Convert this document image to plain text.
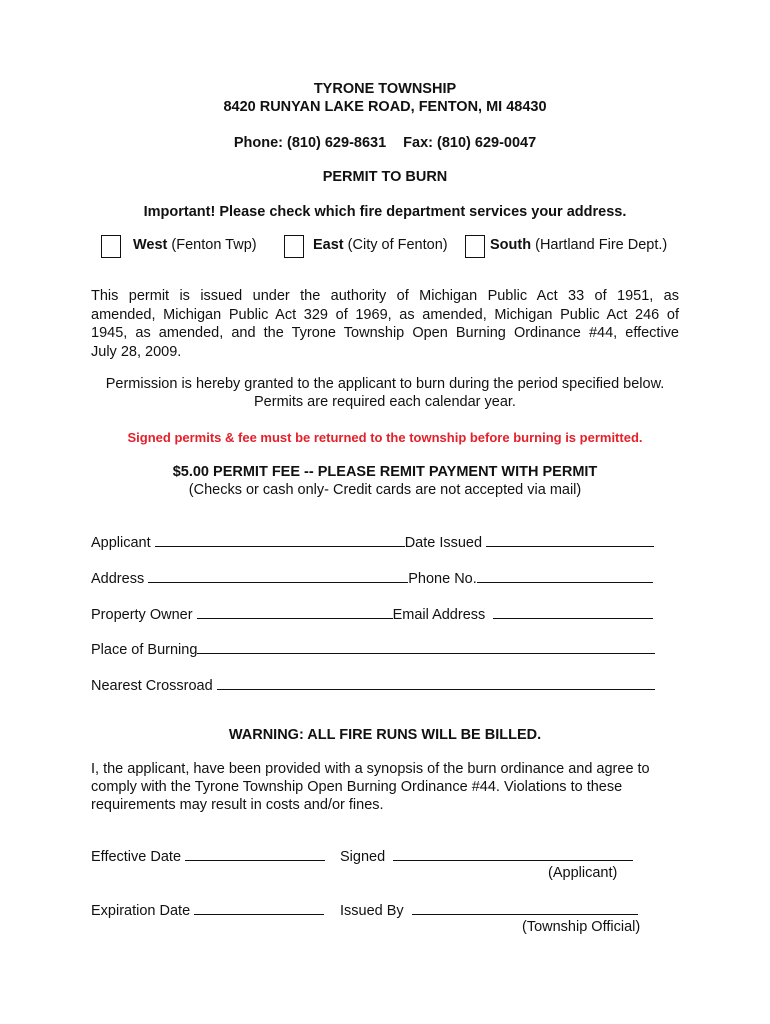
TYRONE TOWNSHIP
8420 RUNYAN LAKE ROAD, FENTON, MI 48430
Phone: (810) 629-8631 Fax: (810) 629-0047
PERMIT TO BURN
Important! Please check which fire department services your address.
West (Fenton Twp)	East (City of Fenton)	South (Hartland Fire Dept.)
This permit is issued under the authority of Michigan Public Act 33 of 1951, as
amended, Michigan Public Act 329 of 1969, as amended, Michigan Public Act 246 of
1945, as amended, and the Tyrone Township Open Burning Ordinance #44, effective
July 28, 2009.
Permission is hereby granted to the applicant to burn during the period specified below.
Permits are required each calendar year.
Signed permits & fee must be returned to the township before burning is permitted.
$5.00 PERMIT FEE -- PLEASE REMIT PAYMENT WITH PERMIT
(Checks or cash only- Credit cards are not accepted via mail)
Applicant	Date Issued
Address	Phone No.
Property Owner	Email Address
Place of Burning
Nearest Crossroad
WARNING: ALL FIRE RUNS WILL BE BILLED.
I, the applicant, have been provided with a synopsis of the burn ordinance and agree to
comply with the Tyrone Township Open Burning Ordinance #44. Violations to these
requirements may result in costs and/or fines.
Effective Date	Signed
(Applicant)
Expiration Date	Issued By
(Township Official)
